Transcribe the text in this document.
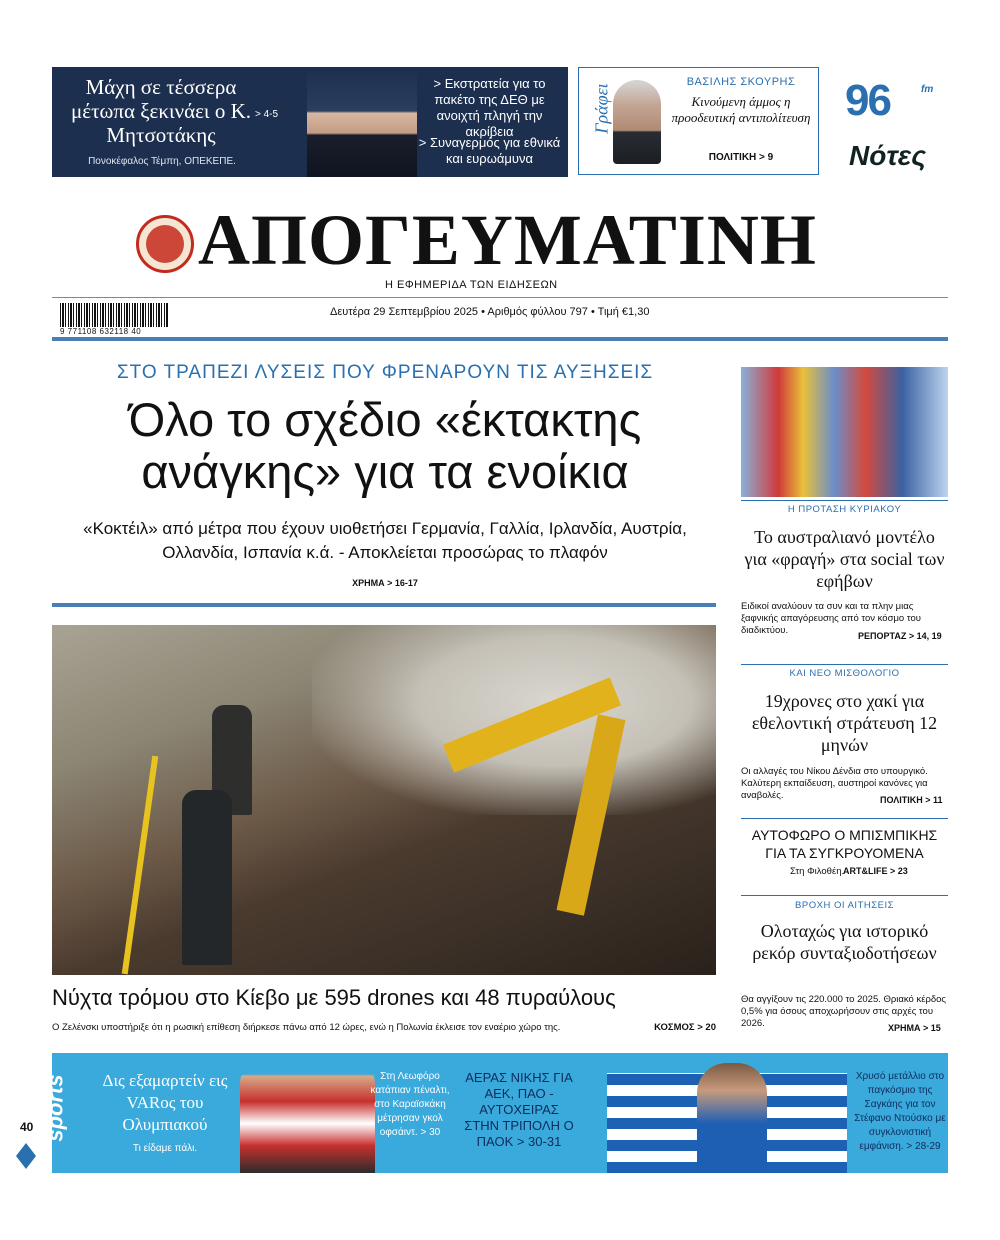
Μάχη σε τέσσερα μέτωπα ξεκινάει ο Κ. Μητσοτάκης
> 4-5
Πονοκέφαλος Τέμπη, ΟΠΕΚΕΠΕ.
> Εκστρατεία για το πακέτο της ΔΕΘ με ανοιχτή πληγή την ακρίβεια
> Συναγερμός για εθνικά και ευρωάμυνα
Γράφει
ΒΑΣΙΛΗΣ ΣΚΟΥΡΗΣ
Κινούμενη άμμος η προοδευτική αντιπολίτευση
ΠΟΛΙΤΙΚΗ > 9
96	fm
Νότες
ΑΠΟΓΕΥΜΑΤΙΝΗ
Η ΕΦΗΜΕΡΙΔΑ ΤΩΝ ΕΙΔΗΣΕΩΝ
9 771108 632118 40
Δευτέρα 29 Σεπτεμβρίου 2025 • Αριθμός φύλλου 797 • Τιμή €1,30
ΣΤΟ ΤΡΑΠΕΖΙ ΛΥΣΕΙΣ ΠΟΥ ΦΡΕΝΑΡΟΥΝ ΤΙΣ ΑΥΞΗΣΕΙΣ
Όλο το σχέδιο «έκτακτης ανάγκης» για τα ενοίκια
«Κοκτέιλ» από μέτρα που έχουν υιοθετήσει Γερμανία, Γαλλία, Ιρλανδία, Αυστρία, Ολλανδία, Ισπανία κ.ά. - Αποκλείεται προσώρας το πλαφόν
ΧΡΗΜΑ > 16-17
Νύχτα τρόμου στο Κίεβο με 595 drones και 48 πυραύλους
Ο Ζελένσκι υποστήριξε ότι η ρωσική επίθεση διήρκεσε πάνω από 12 ώρες, ενώ η Πολωνία έκλεισε τον εναέριο χώρο της.	ΚΟΣΜΟΣ > 20
Η ΠΡΟΤΑΣΗ ΚΥΡΙΑΚΟΥ
Το αυστραλιανό μοντέλο για «φραγή» στα social των εφήβων
Ειδικοί αναλύουν τα συν και τα πλην μιας ξαφνικής απαγόρευσης από τον κόσμο του διαδικτύου.	ΡΕΠΟΡΤΑΖ > 14, 19
ΚΑΙ ΝΕΟ ΜΙΣΘΟΛΟΓΙΟ
19χρονες στο χακί για εθελοντική στράτευση 12 μηνών
Οι αλλαγές του Νίκου Δένδια στο υπουργικό. Καλύτερη εκπαίδευση, αυστηροί κανόνες για αναβολές.	ΠΟΛΙΤΙΚΗ > 11
ΑΥΤΟΦΩΡΟ Ο ΜΠΙΣΜΠΙΚΗΣ ΓΙΑ ΤΑ ΣΥΓΚΡΟΥΟΜΕΝΑ
Στη Φιλοθέη.
ART&LIFE > 23
ΒΡΟΧΗ ΟΙ ΑΙΤΗΣΕΙΣ
Ολοταχώς για ιστορικό ρεκόρ συνταξιοδοτήσεων
Θα αγγίξουν τις 220.000 το 2025. Θριακό κέρδος 0,5% για όσους αποχωρήσουν στις αρχές του 2026.	ΧΡΗΜΑ > 15
sports	Δις εξαμαρτείν εις VARος του Ολυμπιακού
Τι είδαμε πάλι.
Στη Λεωφόρο κατάπιαν πέναλτι, στο Καραϊσκάκη μέτρησαν γκολ οφσάιντ. > 30
ΑΕΡΑΣ ΝΙΚΗΣ ΓΙΑ ΑΕΚ, ΠΑΟ - ΑΥΤΟΧΕΙΡΑΣ ΣΤΗΝ ΤΡΙΠΟΛΗ Ο ΠΑΟΚ > 30-31
Χρυσό μετάλλιο στο παγκόσμιο της Σαγκάης για τον Στέφανο Ντούσκο με συγκλονιστική εμφάνιση. > 28-29
40
